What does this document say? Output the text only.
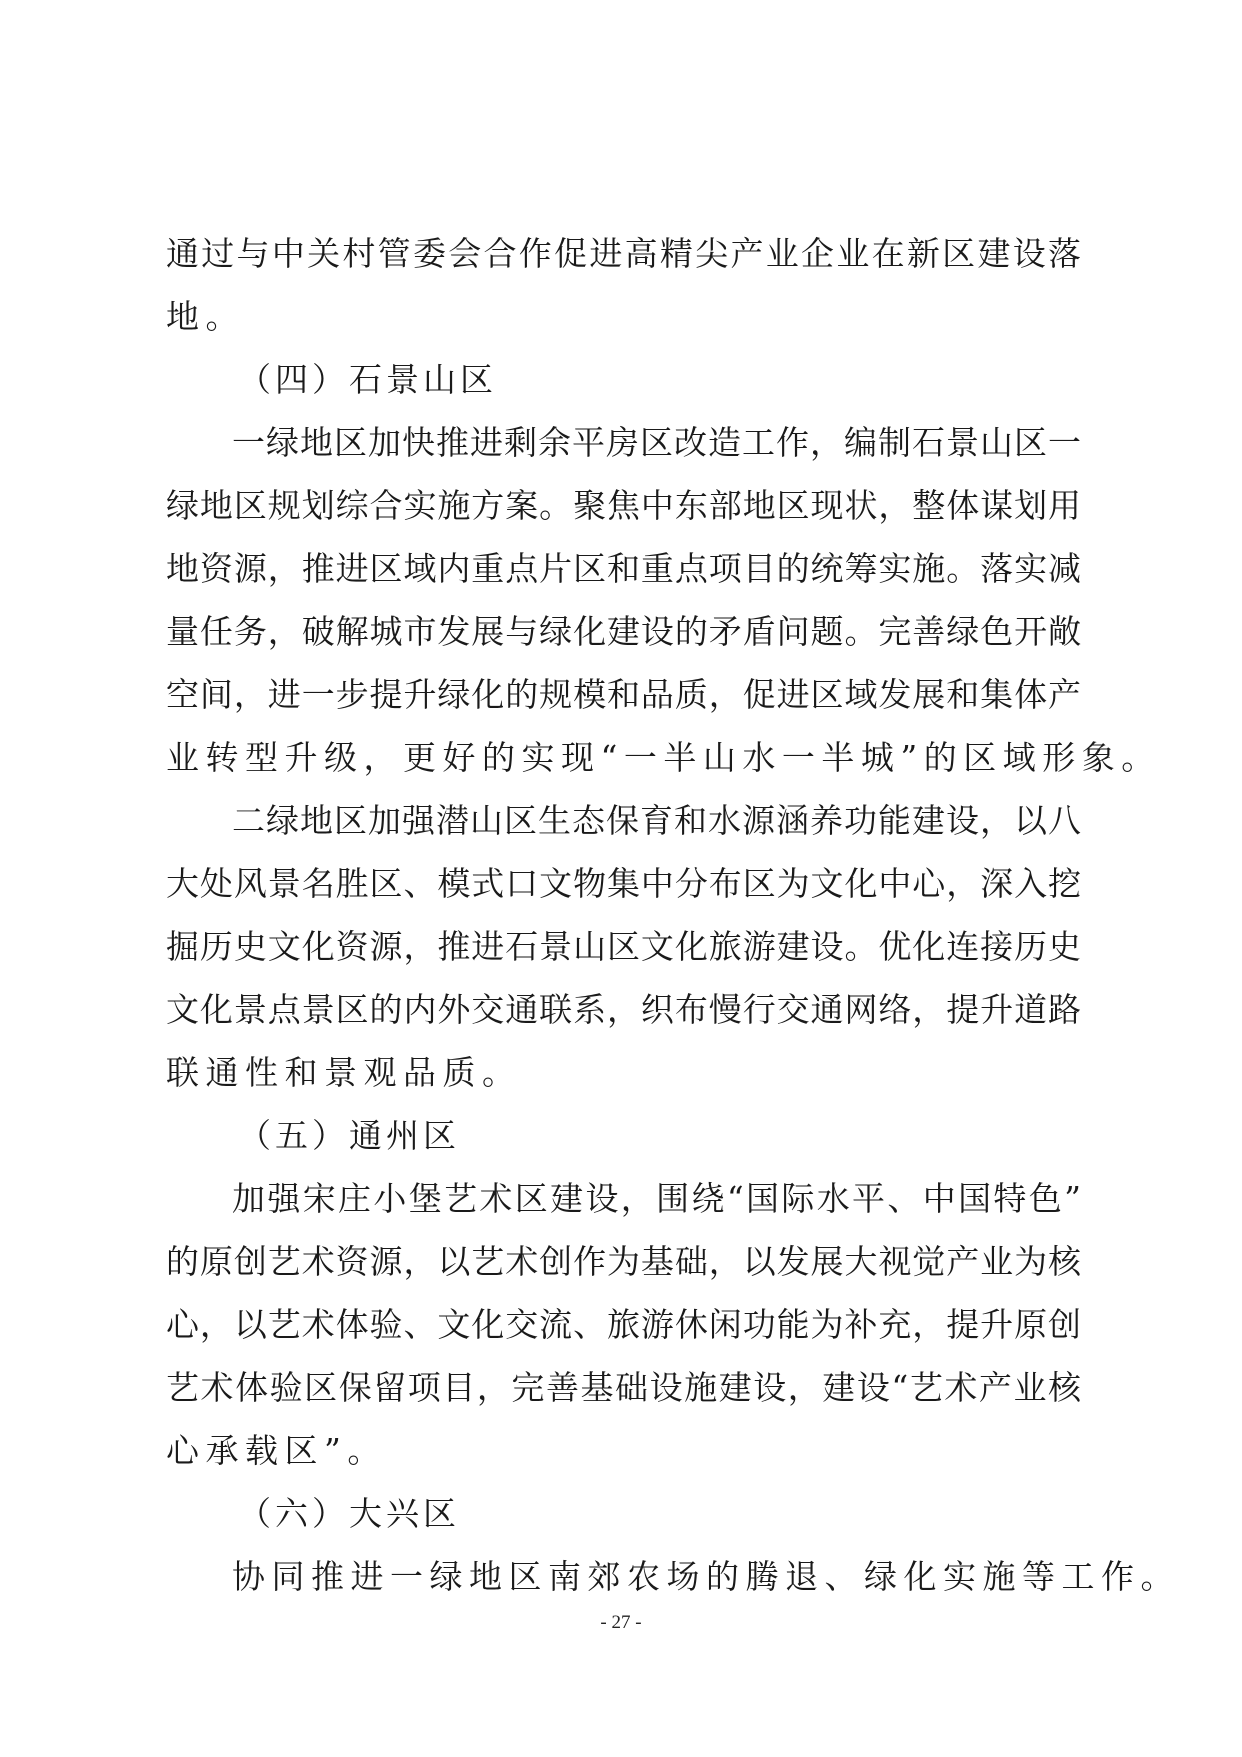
通过与中关村管委会合作促进高精尖产业企业在新区建设落
地。
（四）石景山区
一绿地区加快推进剩余平房区改造工作，编制石景山区一
绿地区规划综合实施方案。聚焦中东部地区现状，整体谋划用
地资源，推进区域内重点片区和重点项目的统筹实施。落实减
量任务，破解城市发展与绿化建设的矛盾问题。完善绿色开敞
空间，进一步提升绿化的规模和品质，促进区域发展和集体产
业转型升级，更好的实现“一半山水一半城”的区域形象。
二绿地区加强潜山区生态保育和水源涵养功能建设，以八
大处风景名胜区、模式口文物集中分布区为文化中心，深入挖
掘历史文化资源，推进石景山区文化旅游建设。优化连接历史
文化景点景区的内外交通联系，织布慢行交通网络，提升道路
联通性和景观品质。
（五）通州区
加强宋庄小堡艺术区建设，围绕“国际水平、中国特色”
的原创艺术资源，以艺术创作为基础，以发展大视觉产业为核
心，以艺术体验、文化交流、旅游休闲功能为补充，提升原创
艺术体验区保留项目，完善基础设施建设，建设“艺术产业核
心承载区”。
（六）大兴区
协同推进一绿地区南郊农场的腾退、绿化实施等工作。
- 27 -
